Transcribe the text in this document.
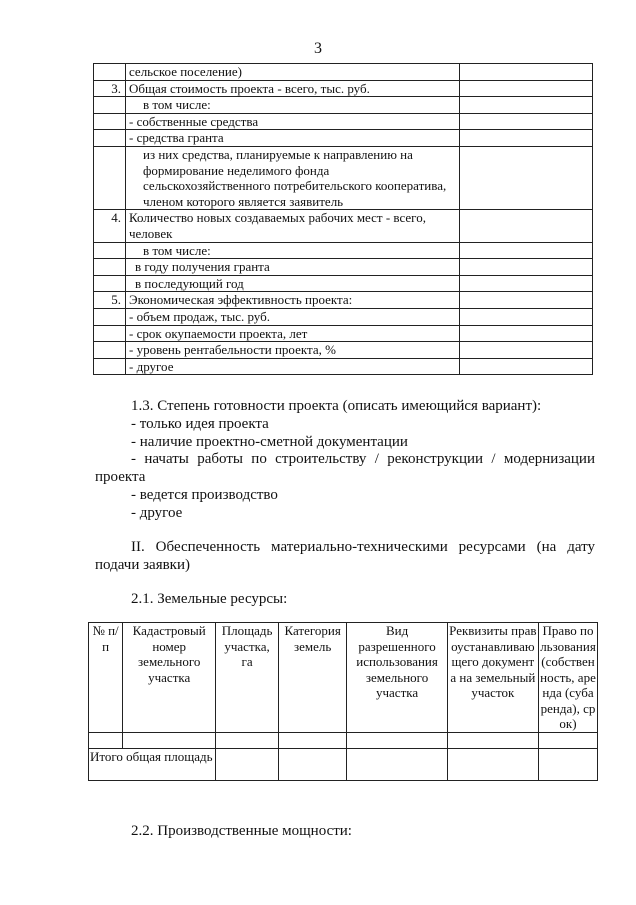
3
	сельское поселение)	
3.	Общая стоимость проекта - всего, тыс. руб.	
	в том числе:	
	- собственные средства	
	- средства гранта	
	из них средства, планируемые к направлению на формирование неделимого фонда сельскохозяйственного потребительского кооператива, членом которого является заявитель	
4.	Количество новых создаваемых рабочих мест - всего, человек	
	в том числе:	
	в году получения гранта	
	в последующий год	
5.	Экономическая эффективность проекта:	
	- объем продаж, тыс. руб.	
	- срок окупаемости проекта, лет	
	- уровень рентабельности проекта, %	
	- другое	
1.3. Степень готовности проекта (описать имеющийся вариант):
- только идея проекта
- наличие проектно-сметной документации
- начаты работы по строительству / реконструкции / модернизации проекта
- ведется производство
- другое
II. Обеспеченность материально-техническими ресурсами (на дату подачи заявки)
2.1. Земельные ресурсы:
№ п/п	Кадастровый номер земельного участка	Площадь участка, га	Категория земель	Вид разрешенного использования земельного участка	Реквизиты правоустанавливающего документа на земельный участок	Право пользования (собственность, аренда (субаренда), срок)

Итого общая площадь						
2.2. Производственные мощности:
